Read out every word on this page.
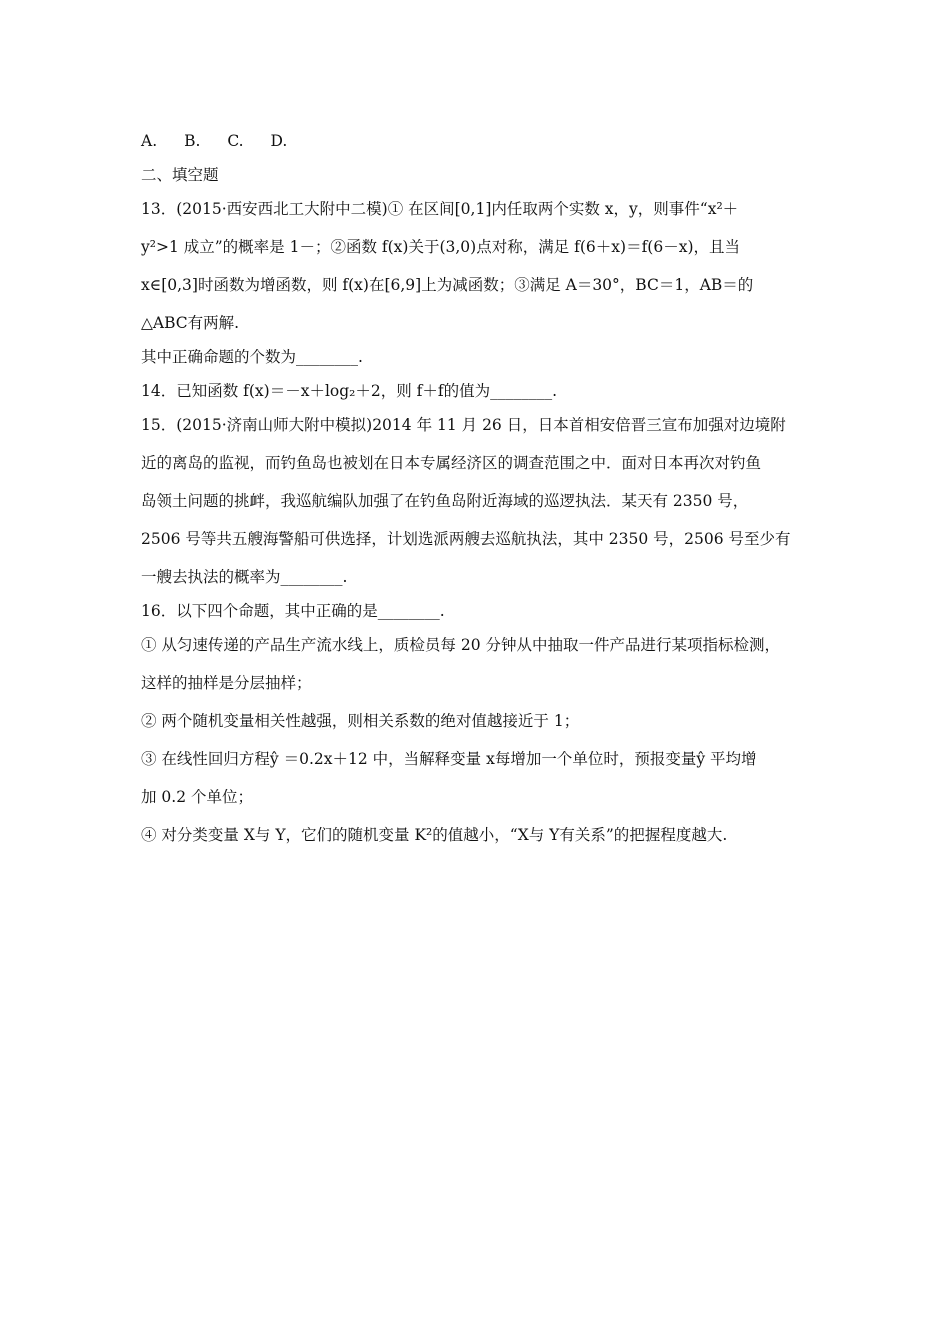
A. B. C. D.
二、填空题
13．(2015·西安西北工大附中二模)① 在区间[0,1]内任取两个实数 x，y，则事件“x²＋
y²>1 成立”的概率是 1－；②函数 f(x)关于(3,0)点对称，满足 f(6＋x)＝f(6－x)，且当
x∈[0,3]时函数为增函数，则 f(x)在[6,9]上为减函数；③满足 A＝30°，BC＝1，AB＝的
△ABC有两解.
其中正确命题的个数为________.
14．已知函数 f(x)＝－x＋log₂＋2，则 f＋f的值为________.
15．(2015·济南山师大附中模拟)2014 年 11 月 26 日，日本首相安倍晋三宣布加强对边境附
近的离岛的监视，而钓鱼岛也被划在日本专属经济区的调查范围之中．面对日本再次对钓鱼
岛领土问题的挑衅，我巡航编队加强了在钓鱼岛附近海域的巡逻执法．某天有 2350 号，
2506 号等共五艘海警船可供选择，计划选派两艘去巡航执法，其中 2350 号，2506 号至少有
一艘去执法的概率为________.
16．以下四个命题，其中正确的是________.
① 从匀速传递的产品生产流水线上，质检员每 20 分钟从中抽取一件产品进行某项指标检测，
这样的抽样是分层抽样；
② 两个随机变量相关性越强，则相关系数的绝对值越接近于 1；
③ 在线性回归方程ŷ ＝0.2x＋12 中，当解释变量 x每增加一个单位时，预报变量ŷ 平均增
加 0.2 个单位；
④ 对分类变量 X与 Y，它们的随机变量 K²的值越小，“X与 Y有关系”的把握程度越大.
